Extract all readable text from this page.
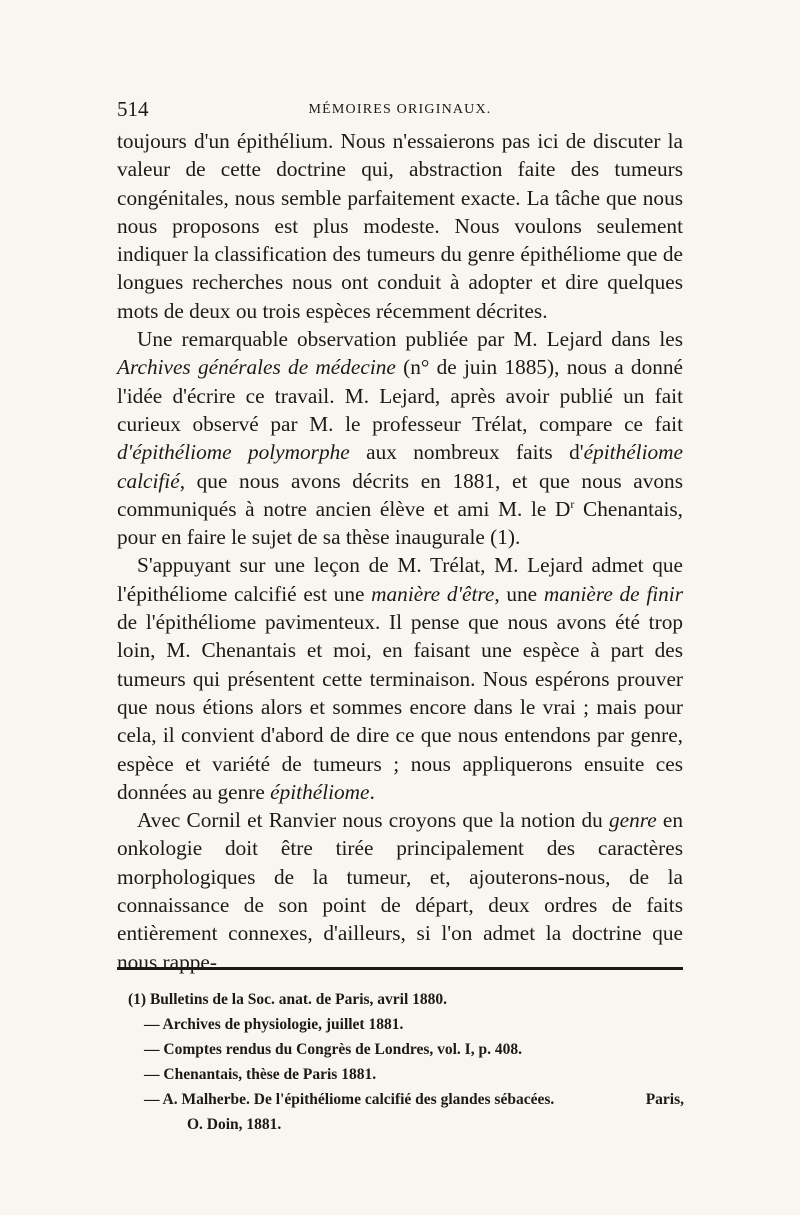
514	MÉMOIRES ORIGINAUX.

toujours d'un épithélium. Nous n'essaierons pas ici de discuter la valeur de cette doctrine qui, abstraction faite des tumeurs congénitales, nous semble parfaitement exacte. La tâche que nous nous proposons est plus modeste. Nous voulons seulement indiquer la classification des tumeurs du genre épithéliome que de longues recherches nous ont conduit à adopter et dire quelques mots de deux ou trois espèces récemment décrites.

Une remarquable observation publiée par M. Lejard dans les Archives générales de médecine (n° de juin 1885), nous a donné l'idée d'écrire ce travail. M. Lejard, après avoir publié un fait curieux observé par M. le professeur Trélat, compare ce fait d'épithéliome polymorphe aux nombreux faits d'épithéliome calcifié, que nous avons décrits en 1881, et que nous avons communiqués à notre ancien élève et ami M. le $D^r$ Chenantais, pour en faire le sujet de sa thèse inaugurale (1).

S'appuyant sur une leçon de M. Trélat, M. Lejard admet que l'épithéliome calcifié est une manière d'être, une manière de finir de l'épithéliome pavimenteux. Il pense que nous avons été trop loin, M. Chenantais et moi, en faisant une espèce à part des tumeurs qui présentent cette terminaison. Nous espérons prouver que nous étions alors et sommes encore dans le vrai ; mais pour cela, il convient d'abord de dire ce que nous entendons par genre, espèce et variété de tumeurs ; nous appliquerons ensuite ces données au genre épithéliome.

Avec Cornil et Ranvier nous croyons que la notion du genre en onkologie doit être tirée principalement des caractères morphologiques de la tumeur, et, ajouterons-nous, de la connaissance de son point de départ, deux ordres de faits entièrement connexes, d'ailleurs, si l'on admet la doctrine que nous rappe-

(1) Bulletins de la Soc. anat. de Paris, avril 1880.
— Archives de physiologie, juillet 1881.
— Comptes rendus du Congrès de Londres, vol. I, p. 408.
— Chenantais, thèse de Paris 1881.
— A. Malherbe. De l'épithéliome calcifié des glandes sébacées.	Paris,
O. Doin, 1881.
